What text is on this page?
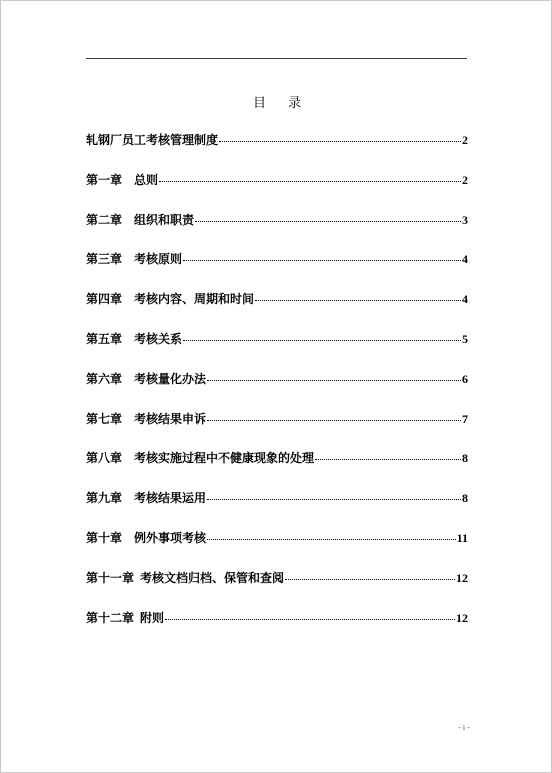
目 录
轧钢厂员工考核管理制度	2
第一章 总则	2
第二章 组织和职责	3
第三章 考核原则	4
第四章 考核内容、周期和时间	4
第五章 考核关系	5
第六章 考核量化办法	6
第七章 考核结果申诉	7
第八章 考核实施过程中不健康现象的处理	8
第九章 考核结果运用	8
第十章 例外事项考核	11
第十一章 考核文档归档、保管和查阅	12
第十二章 附则	12
- i -
